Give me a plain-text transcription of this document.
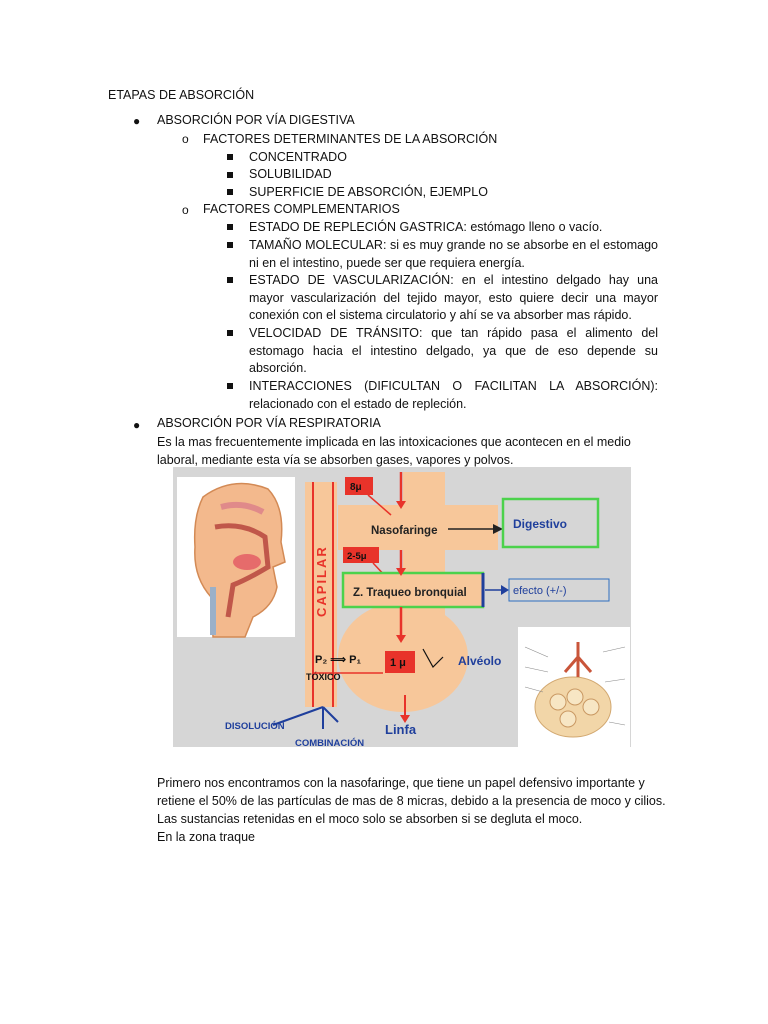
ETAPAS DE ABSORCIÓN
● ABSORCIÓN POR VÍA DIGESTIVA
o FACTORES DETERMINANTES DE LA ABSORCIÓN
CONCENTRADO
SOLUBILIDAD
SUPERFICIE DE ABSORCIÓN, EJEMPLO
o FACTORES COMPLEMENTARIOS
ESTADO DE REPLECIÓN GASTRICA: estómago lleno o vacío.
TAMAÑO MOLECULAR: si es muy grande no se absorbe en el estomago ni en el intestino, puede ser que requiera energía.
ESTADO DE VASCULARIZACIÓN: en el intestino delgado hay una mayor vascularización del tejido mayor, esto quiere decir una mayor conexión con el sistema circulatorio y ahí se va absorber mas rápido.
VELOCIDAD DE TRÁNSITO: que tan rápido pasa el alimento del estomago hacia el intestino delgado, ya que de eso depende su absorción.
INTERACCIONES (DIFICULTAN O FACILITAN LA ABSORCIÓN): relacionado con el estado de repleción.
● ABSORCIÓN POR VÍA RESPIRATORIA
Es la mas frecuentemente implicada en las intoxicaciones que acontecen en el medio laboral, mediante esta vía se absorben gases, vapores y polvos.
CAPILAR
Nasofaringe	Digestivo
8μ
2-5μ
Z. Traqueo bronquial	efecto (+/-)
1 μ	Alvéolo
P₂ ⟹ P₁
TÓXICO
Linfa
DISOLUCIÓN
COMBINACIÓN
Primero nos encontramos con la nasofaringe, que tiene un papel defensivo importante y retiene el 50% de las partículas de mas de 8 micras, debido a la presencia de moco y cilios. Las sustancias retenidas en el moco solo se absorben si se degluta el moco.
En la zona traque
